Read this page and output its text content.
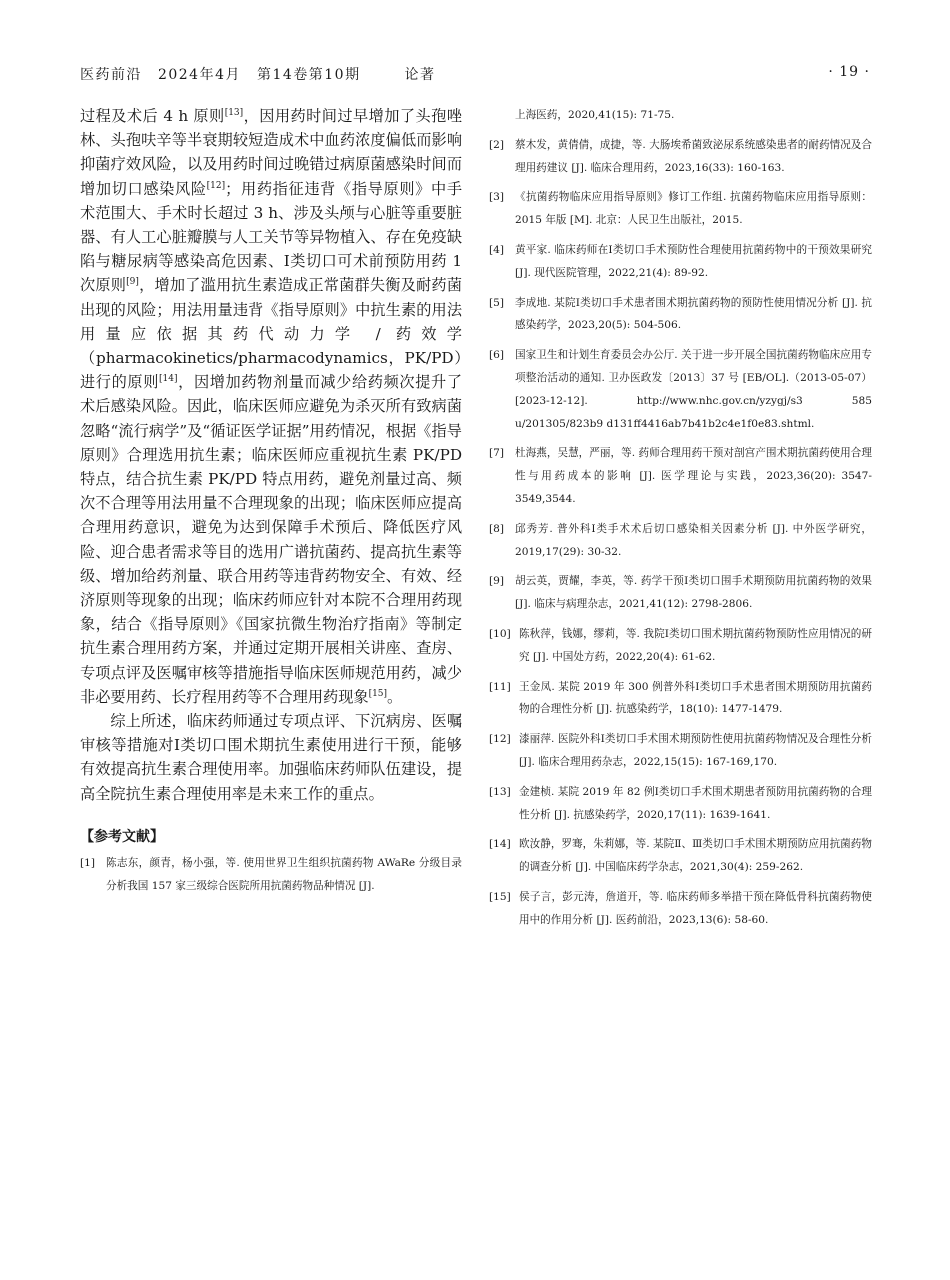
医药前沿 2024年4月 第14卷第10期	论著	· 19 ·

过程及术后 4 h 原则[13]，因用药时间过早增加了头孢唑林、头孢呋辛等半衰期较短造成术中血药浓度偏低而影响抑菌疗效风险，以及用药时间过晚错过病原菌感染时间而增加切口感染风险[12]；用药指征违背《指导原则》中手术范围大、手术时长超过 3 h、涉及头颅与心脏等重要脏器、有人工心脏瓣膜与人工关节等异物植入、存在免疫缺陷与糖尿病等感染高危因素、Ⅰ类切口可术前预防用药 1 次原则[9]，增加了滥用抗生素造成正常菌群失衡及耐药菌出现的风险；用法用量违背《指导原则》中抗生素的用法用量应依据其药代动力学 / 药效学（pharmacokinetics/pharmacodynamics，PK/PD）进行的原则[14]，因增加药物剂量而减少给药频次提升了术后感染风险。因此，临床医师应避免为杀灭所有致病菌忽略“流行病学”及“循证医学证据”用药情况，根据《指导原则》合理选用抗生素；临床医师应重视抗生素 PK/PD 特点，结合抗生素 PK/PD 特点用药，避免剂量过高、频次不合理等用法用量不合理现象的出现；临床医师应提高合理用药意识，避免为达到保障手术预后、降低医疗风险、迎合患者需求等目的选用广谱抗菌药、提高抗生素等级、增加给药剂量、联合用药等违背药物安全、有效、经济原则等现象的出现；临床药师应针对本院不合理用药现象，结合《指导原则》《国家抗微生物治疗指南》等制定抗生素合理用药方案，并通过定期开展相关讲座、查房、专项点评及医嘱审核等措施指导临床医师规范用药，减少非必要用药、长疗程用药等不合理用药现象[15]。

综上所述，临床药师通过专项点评、下沉病房、医嘱审核等措施对Ⅰ类切口围术期抗生素使用进行干预，能够有效提高抗生素合理使用率。加强临床药师队伍建设，提高全院抗生素合理使用率是未来工作的重点。

【参考文献】
[1] 陈志东，颜青，杨小强，等. 使用世界卫生组织抗菌药物 AWaRe 分级目录分析我国 157 家三级综合医院所用抗菌药物品种情况 [J].

上海医药，2020,41(15): 71-75.

[2] 蔡木发，黄倩倩，成捷，等. 大肠埃希菌致泌尿系统感染患者的耐药情况及合理用药建议 [J]. 临床合理用药，2023,16(33): 160-163.
[3] 《抗菌药物临床应用指导原则》修订工作组. 抗菌药物临床应用指导原则：2015 年版 [M]. 北京：人民卫生出版社，2015.
[4] 黄平家. 临床药师在Ⅰ类切口手术预防性合理使用抗菌药物中的干预效果研究 [J]. 现代医院管理，2022,21(4): 89-92.
[5] 李成地. 某院Ⅰ类切口手术患者围术期抗菌药物的预防性使用情况分析 [J]. 抗感染药学，2023,20(5): 504-506.
[6] 国家卫生和计划生育委员会办公厅. 关于进一步开展全国抗菌药物临床应用专项整治活动的通知. 卫办医政发〔2013〕37 号 [EB/OL].（2013-05-07）[2023-12-12]. http://www.nhc.gov.cn/yzygj/s3 585 u/201305/823b9 d131ff4416ab7b41b2c4e1f0e83.shtml.
[7] 杜海燕，吴慧，严丽，等. 药师合理用药干预对剖宫产围术期抗菌药使用合理性与用药成本的影响 [J]. 医学理论与实践，2023,36(20): 3547-3549,3544.
[8] 邱秀芳. 普外科Ⅰ类手术术后切口感染相关因素分析 [J]. 中外医学研究，2019,17(29): 30-32.
[9] 胡云英，贾耀，李英，等. 药学干预Ⅰ类切口围手术期预防用抗菌药物的效果 [J]. 临床与病理杂志，2021,41(12): 2798-2806.
[10] 陈秋萍，钱娜，缪莉，等. 我院Ⅰ类切口围术期抗菌药物预防性应用情况的研究 [J]. 中国处方药，2022,20(4): 61-62.
[11] 王金凤. 某院 2019 年 300 例普外科Ⅰ类切口手术患者围术期预防用抗菌药物的合理性分析 [J]. 抗感染药学，18(10): 1477-1479.
[12] 漆丽萍. 医院外科Ⅰ类切口手术围术期预防性使用抗菌药物情况及合理性分析 [J]. 临床合理用药杂志，2022,15(15): 167-169,170.
[13] 金建桢. 某院 2019 年 82 例Ⅰ类切口手术围术期患者预防用抗菌药物的合理性分析 [J]. 抗感染药学，2020,17(11): 1639-1641.
[14] 欧汝静，罗骞，朱莉娜，等. 某院Ⅱ、Ⅲ类切口手术围术期预防应用抗菌药物的调查分析 [J]. 中国临床药学杂志，2021,30(4): 259-262.
[15] 侯子言，彭元涛，詹道开，等. 临床药师多举措干预在降低骨科抗菌药物使用中的作用分析 [J]. 医药前沿，2023,13(6): 58-60.
